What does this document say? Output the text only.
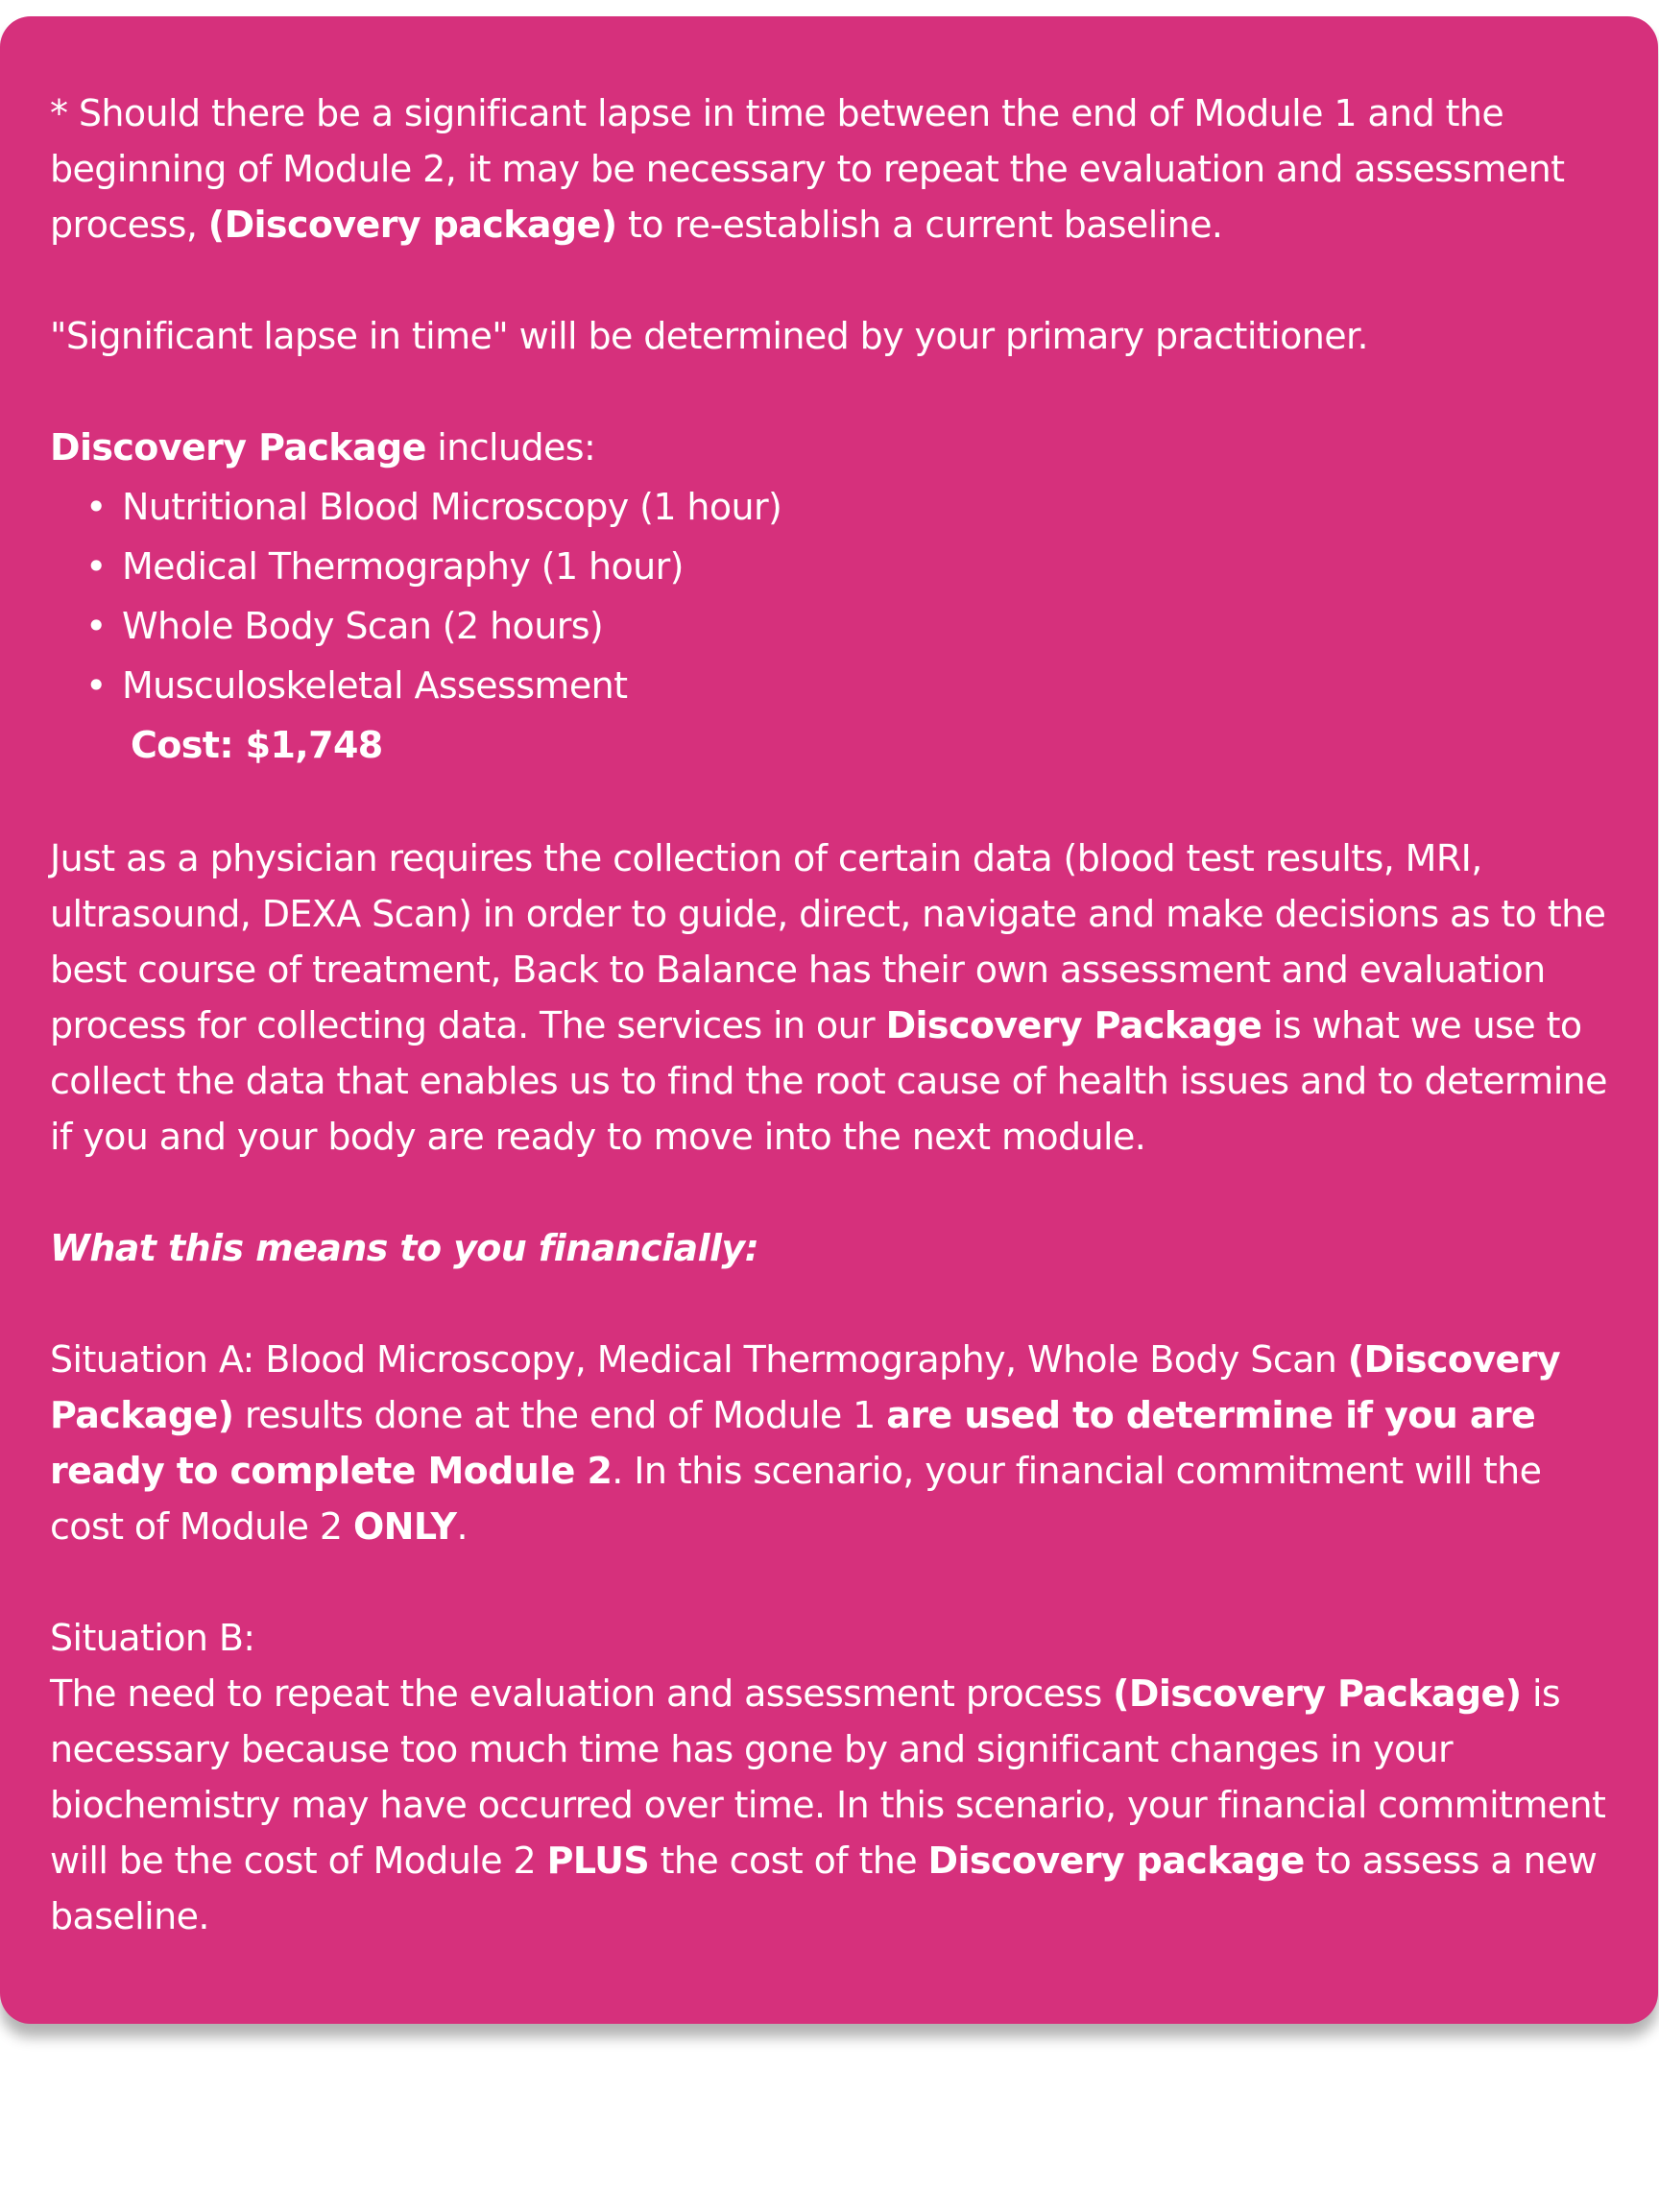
* Should there be a significant lapse in time between the end of Module 1 and the beginning of Module 2, it may be necessary to repeat the evaluation and assessment process, (Discovery package) to re-establish a current baseline.

"Significant lapse in time" will be determined by your primary practitioner.

Discovery Package includes:

• Nutritional Blood Microscopy (1 hour)
• Medical Thermography (1 hour)
• Whole Body Scan (2 hours)
• Musculoskeletal Assessment

Cost: $1,748

Just as a physician requires the collection of certain data (blood test results, MRI, ultrasound, DEXA Scan) in order to guide, direct, navigate and make decisions as to the best course of treatment, Back to Balance has their own assessment and evaluation process for collecting data. The services in our Discovery Package is what we use to collect the data that enables us to find the root cause of health issues and to determine if you and your body are ready to move into the next module.

What this means to you financially:

Situation A: Blood Microscopy, Medical Thermography, Whole Body Scan (Discovery Package) results done at the end of Module 1 are used to determine if you are ready to complete Module 2. In this scenario, your financial commitment will the cost of Module 2 ONLY.

Situation B:

The need to repeat the evaluation and assessment process (Discovery Package) is necessary because too much time has gone by and significant changes in your biochemistry may have occurred over time. In this scenario, your financial commitment will be the cost of Module 2 PLUS the cost of the Discovery package to assess a new baseline.
